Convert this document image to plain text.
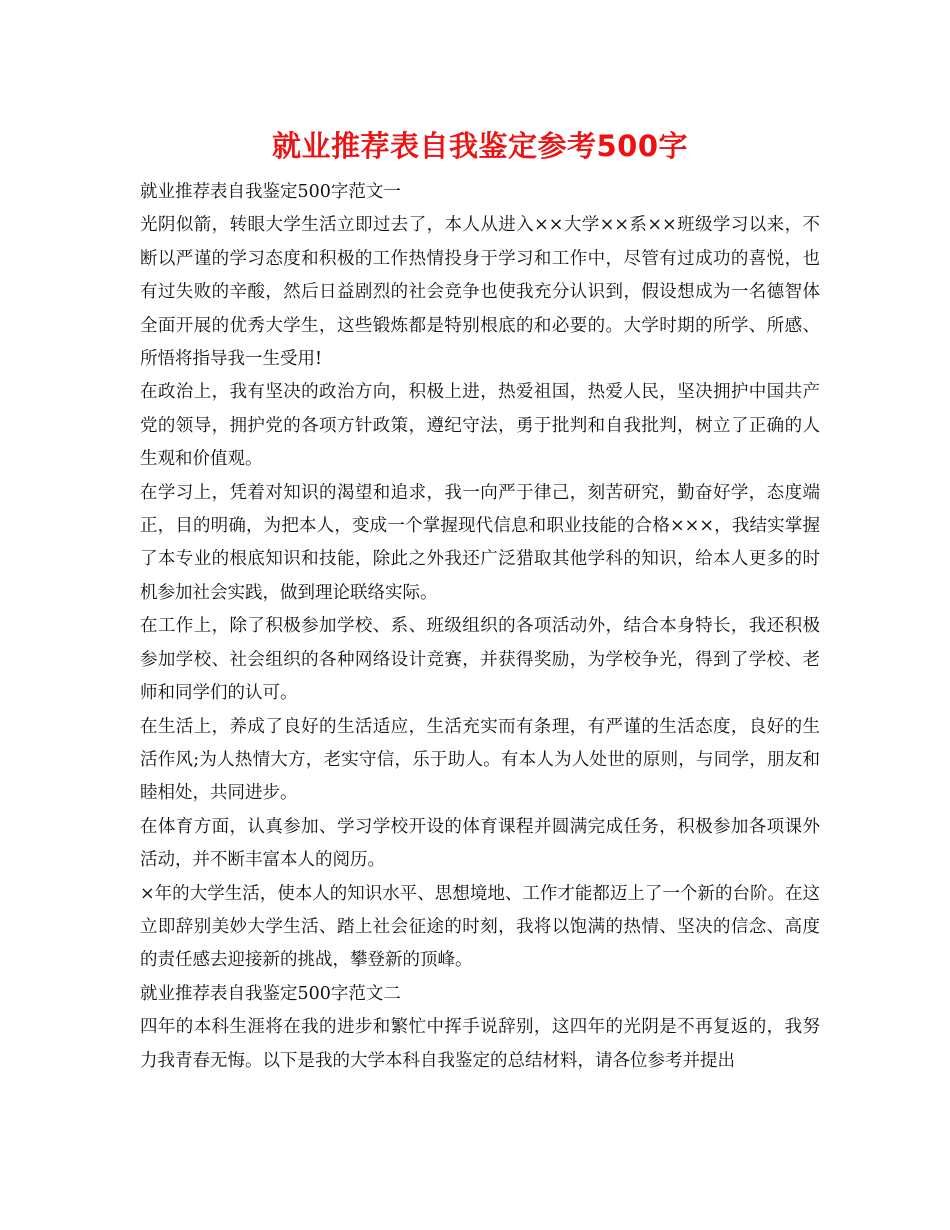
就业推荐表自我鉴定参考500字

就业推荐表自我鉴定500字范文一

光阴似箭，转眼大学生活立即过去了，本人从进入××大学××系××班级学习以来，不断以严谨的学习态度和积极的工作热情投身于学习和工作中，尽管有过成功的喜悦，也有过失败的辛酸，然后日益剧烈的社会竞争也使我充分认识到，假设想成为一名德智体全面开展的优秀大学生，这些锻炼都是特别根底的和必要的。大学时期的所学、所感、所悟将指导我一生受用!

在政治上，我有坚决的政治方向，积极上进，热爱祖国，热爱人民，坚决拥护中国共产党的领导，拥护党的各项方针政策，遵纪守法，勇于批判和自我批判，树立了正确的人生观和价值观。

在学习上，凭着对知识的渴望和追求，我一向严于律己，刻苦研究，勤奋好学，态度端正，目的明确，为把本人，变成一个掌握现代信息和职业技能的合格×××，我结实掌握了本专业的根底知识和技能，除此之外我还广泛猎取其他学科的知识，给本人更多的时机参加社会实践，做到理论联络实际。

在工作上，除了积极参加学校、系、班级组织的各项活动外，结合本身特长，我还积极参加学校、社会组织的各种网络设计竞赛，并获得奖励，为学校争光，得到了学校、老师和同学们的认可。

在生活上，养成了良好的生活适应，生活充实而有条理，有严谨的生活态度，良好的生活作风;为人热情大方，老实守信，乐于助人。有本人为人处世的原则，与同学，朋友和睦相处，共同进步。

在体育方面，认真参加、学习学校开设的体育课程并圆满完成任务，积极参加各项课外活动，并不断丰富本人的阅历。

×年的大学生活，使本人的知识水平、思想境地、工作才能都迈上了一个新的台阶。在这立即辞别美妙大学生活、踏上社会征途的时刻，我将以饱满的热情、坚决的信念、高度的责任感去迎接新的挑战，攀登新的顶峰。

就业推荐表自我鉴定500字范文二

四年的本科生涯将在我的进步和繁忙中挥手说辞别，这四年的光阴是不再复返的，我努力我青春无悔。以下是我的大学本科自我鉴定的总结材料，请各位参考并提出
